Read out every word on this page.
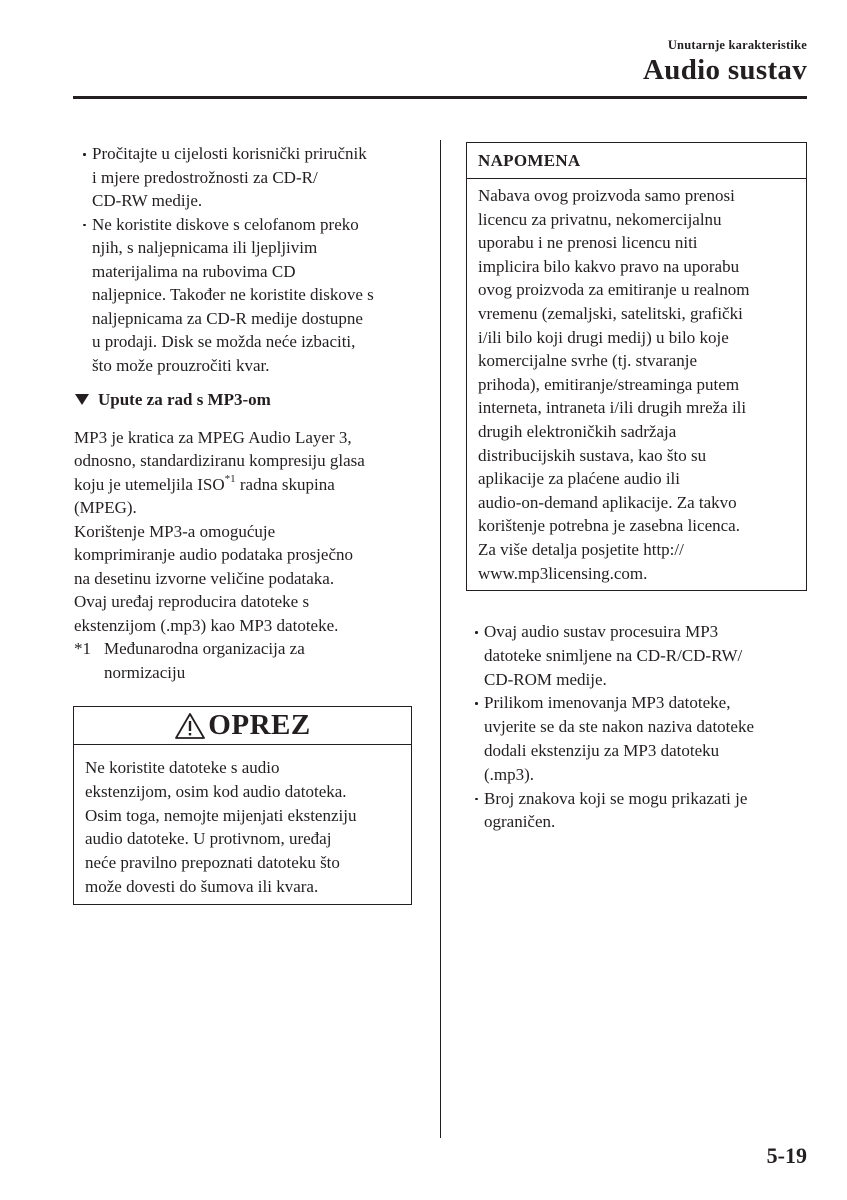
Unutarnje karakteristike
Audio sustav
Pročitajte u cijelosti korisnički priručnik
i mjere predostrožnosti za CD-R/
CD-RW medije.
Ne koristite diskove s celofanom preko
njih, s naljepnicama ili ljepljivim
materijalima na rubovima CD
naljepnice. Također ne koristite diskove s
naljepnicama za CD-R medije dostupne
u prodaji. Disk se možda neće izbaciti,
što može prouzročiti kvar.
Upute za rad s MP3-om
MP3 je kratica za MPEG Audio Layer 3,
odnosno, standardiziranu kompresiju glasa
koju je utemeljila ISO$^{*1}$ radna skupina
(MPEG).
Korištenje MP3-a omogućuje
komprimiranje audio podataka prosječno
na desetinu izvorne veličine podataka.
Ovaj uređaj reproducira datoteke s
ekstenzijom (.mp3) kao MP3 datoteke.
*1 Međunarodna organizacija za
normizaciju
OPREZ
Ne koristite datoteke s audio
ekstenzijom, osim kod audio datoteka.
Osim toga, nemojte mijenjati ekstenziju
audio datoteke. U protivnom, uređaj
neće pravilno prepoznati datoteku što
može dovesti do šumova ili kvara.
NAPOMENA
Nabava ovog proizvoda samo prenosi
licencu za privatnu, nekomercijalnu
uporabu i ne prenosi licencu niti
implicira bilo kakvo pravo na uporabu
ovog proizvoda za emitiranje u realnom
vremenu (zemaljski, satelitski, grafički
i/ili bilo koji drugi medij) u bilo koje
komercijalne svrhe (tj. stvaranje
prihoda), emitiranje/streaminga putem
interneta, intraneta i/ili drugih mreža ili
drugih elektroničkih sadržaja
distribucijskih sustava, kao što su
aplikacije za plaćene audio ili
audio-on-demand aplikacije. Za takvo
korištenje potrebna je zasebna licenca.
Za više detalja posjetite http://
www.mp3licensing.com.
Ovaj audio sustav procesuira MP3
datoteke snimljene na CD-R/CD-RW/
CD-ROM medije.
Prilikom imenovanja MP3 datoteke,
uvjerite se da ste nakon naziva datoteke
dodali ekstenziju za MP3 datoteku
(.mp3).
Broj znakova koji se mogu prikazati je
ograničen.
5-19
